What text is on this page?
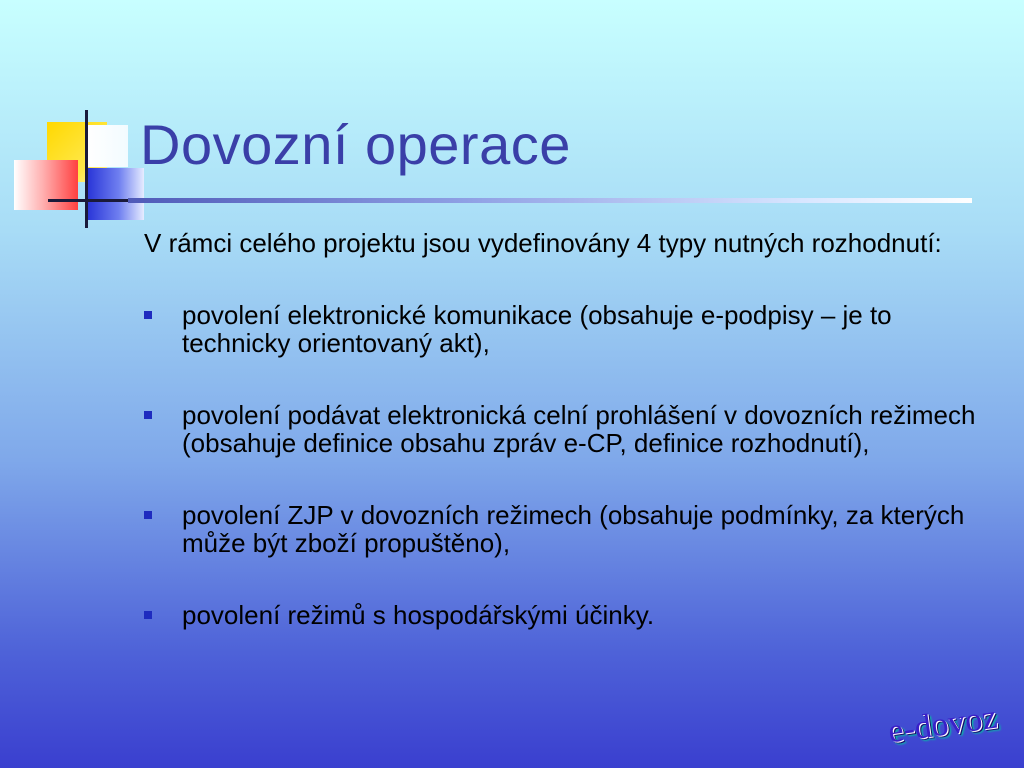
Dovozní operace

V rámci celého projektu jsou vydefinovány 4 typy nutných rozhodnutí:

povolení elektronické komunikace (obsahuje e-podpisy – je to technicky orientovaný akt),
povolení podávat elektronická celní prohlášení v dovozních režimech (obsahuje definice obsahu zpráv e-CP, definice rozhodnutí),
povolení ZJP v dovozních režimech (obsahuje podmínky, za kterých může být zboží propuštěno),
povolení režimů s hospodářskými účinky.
e-dovoz
